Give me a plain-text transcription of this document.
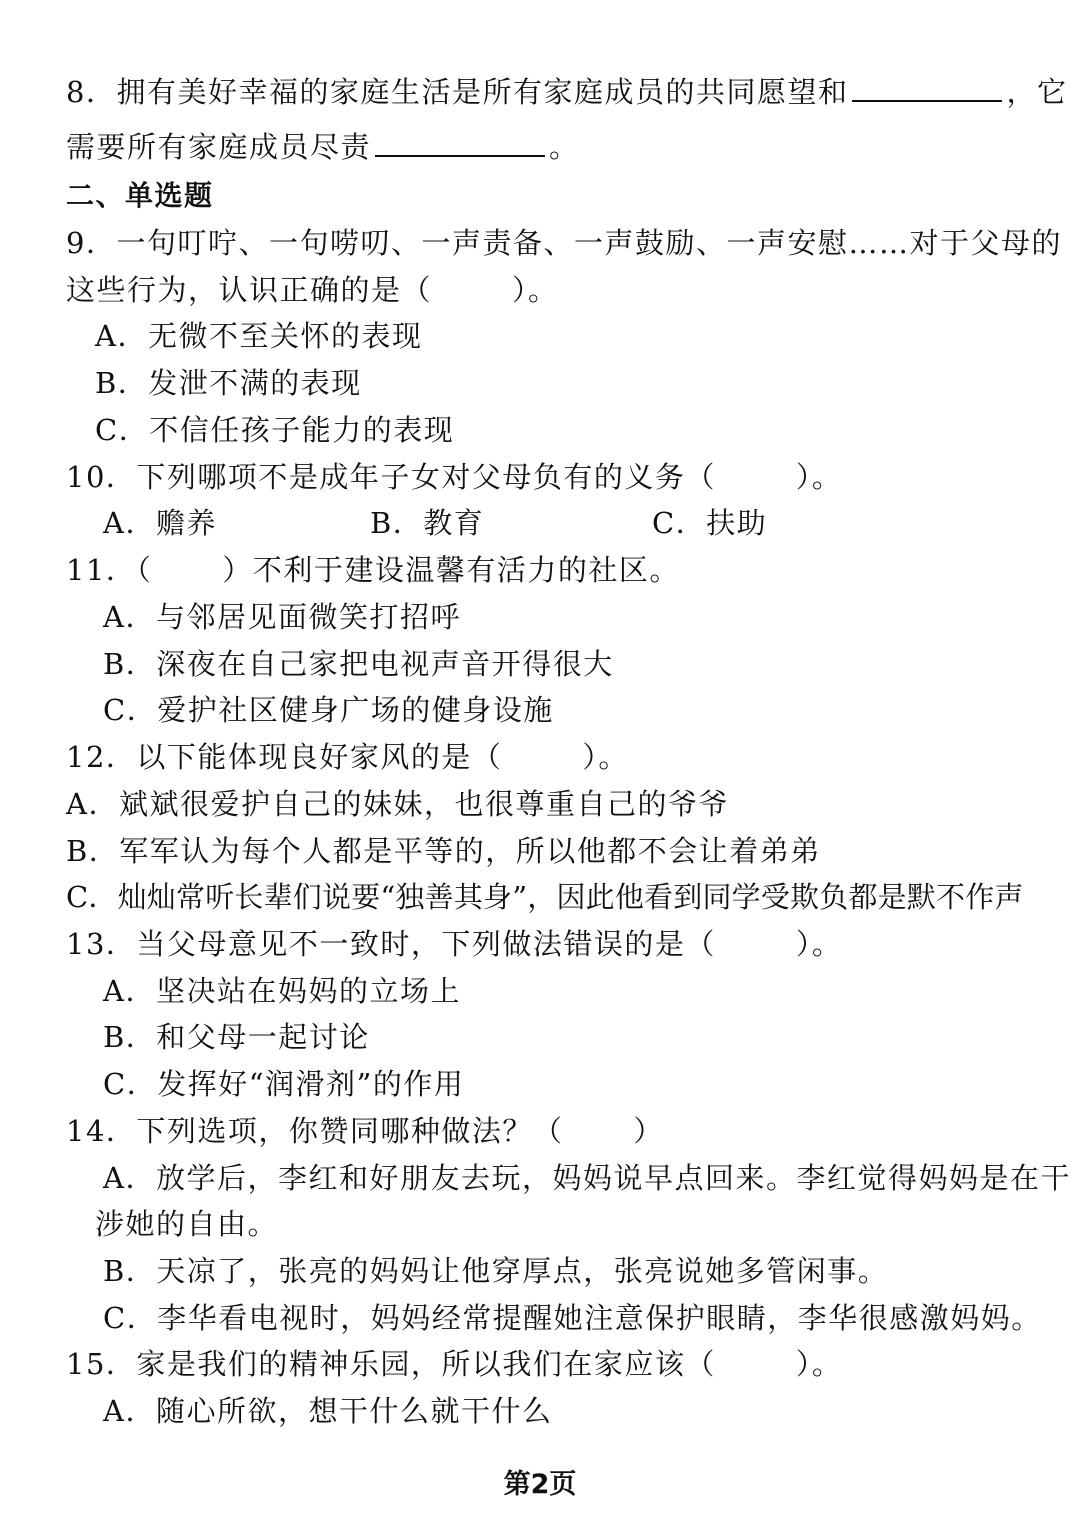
8．拥有美好幸福的家庭生活是所有家庭成员的共同愿望和	，它
需要所有家庭成员尽责	。
二、单选题
9．一句叮咛、一句唠叨、一声责备、一声鼓励、一声安慰……对于父母的
这些行为，认识正确的是（	）。
A．无微不至关怀的表现
B．发泄不满的表现
C．不信任孩子能力的表现
10．下列哪项不是成年子女对父母负有的义务（	）。
A．赡养	B．教育	C．扶助
11．（ ）不利于建设温馨有活力的社区。
A．与邻居见面微笑打招呼
B．深夜在自己家把电视声音开得很大
C．爱护社区健身广场的健身设施
12．以下能体现良好家风的是（	）。
A．斌斌很爱护自己的妹妹，也很尊重自己的爷爷
B．军军认为每个人都是平等的，所以他都不会让着弟弟
C．灿灿常听长辈们说要“独善其身”，因此他看到同学受欺负都是默不作声
13．当父母意见不一致时，下列做法错误的是（	）。
A．坚决站在妈妈的立场上
B．和父母一起讨论
C．发挥好“润滑剂”的作用
14．下列选项，你赞同哪种做法？（ ）
A．放学后，李红和好朋友去玩，妈妈说早点回来。李红觉得妈妈是在干
涉她的自由。
B．天凉了，张亮的妈妈让他穿厚点，张亮说她多管闲事。
C．李华看电视时，妈妈经常提醒她注意保护眼睛，李华很感激妈妈。
15．家是我们的精神乐园，所以我们在家应该（	）。
A．随心所欲，想干什么就干什么
第2页
